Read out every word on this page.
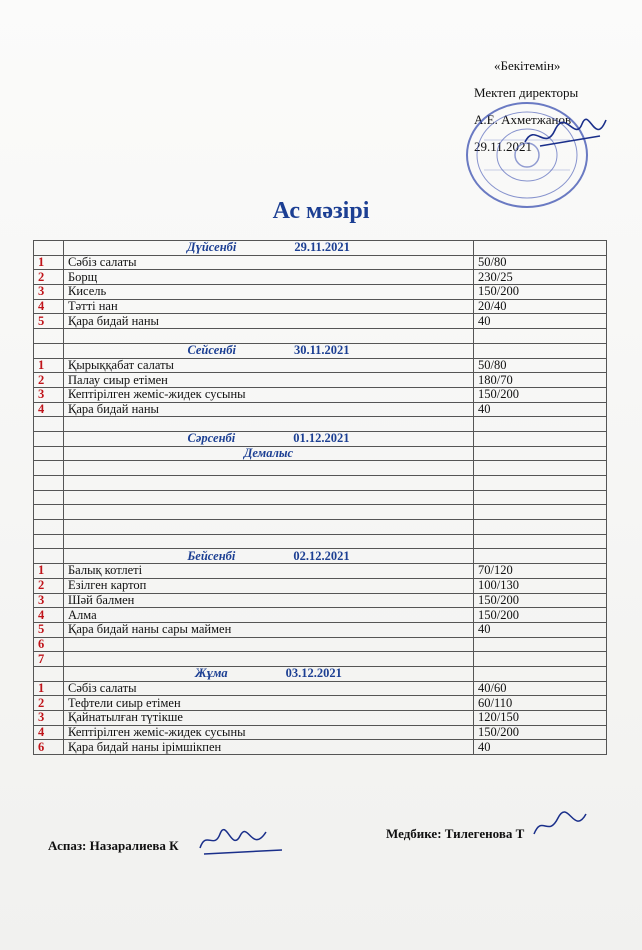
«Бекітемін»
Мектеп директоры
А.Е. Ахметжанов
29.11.2021
Ас мәзірі
	Дүйсенбі 29.11.2021	
1	Сәбіз салаты	50/80
2	Борщ	230/25
3	Кисель	150/200
4	Тәтті нан	20/40
5	Қара бидай наны	40

	Сейсенбі 30.11.2021	
1	Қырыққабат салаты	50/80
2	Палау сиыр етімен	180/70
3	Кептірілген жеміс-жидек сусыны	150/200
4	Қара бидай наны	40

	Сәрсенбі 01.12.2021	
	Демалыс	

	Бейсенбі 02.12.2021	
1	Балық котлеті	70/120
2	Езілген картоп	100/130
3	Шәй балмен	150/200
4	Алма	150/200
5	Қара бидай наны сары маймен	40
6		
7		
	Жұма 03.12.2021	
1	Сәбіз салаты	40/60
2	Тефтели сиыр етімен	60/110
3	Қайнатылған түтікше	120/150
4	Кептірілген жеміс-жидек сусыны	150/200
6	Қара бидай наны ірімшікпен	40
Аспаз: Назаралиева К
Медбике: Тилегенова Т
